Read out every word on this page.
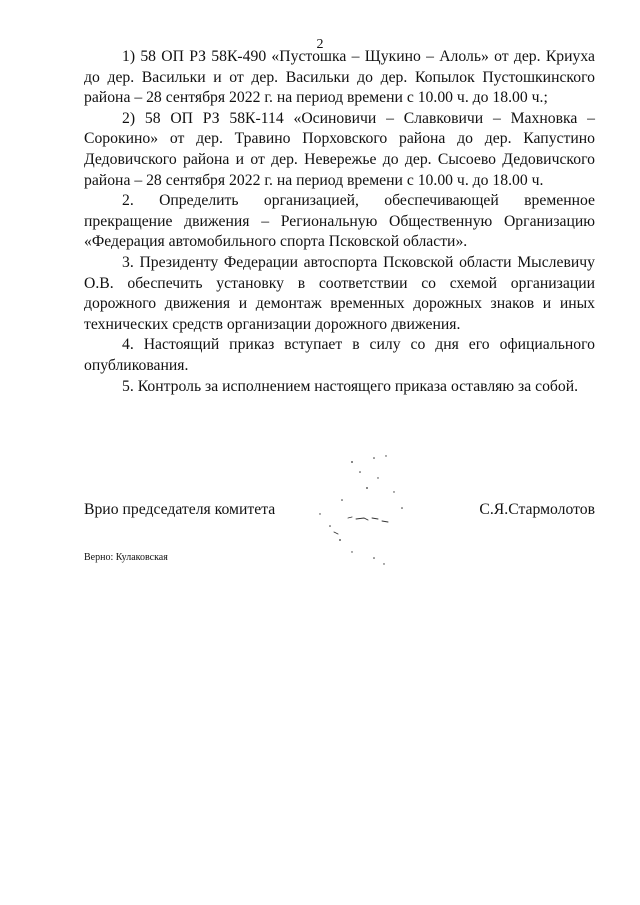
2

1) 58 ОП РЗ 58К-490 «Пустошка – Щукино – Алоль» от дер. Криуха до дер. Васильки и от дер. Васильки до дер. Копылок Пустошкинского района – 28 сентября 2022 г. на период времени с 10.00 ч. до 18.00 ч.;

2) 58 ОП РЗ 58К-114 «Осиновичи – Славковичи – Махновка – Сорокино» от дер. Травино Порховского района до дер. Капустино Дедовичского района и от дер. Невережье до дер. Сысоево Дедовичского района – 28 сентября 2022 г. на период времени с 10.00 ч. до 18.00 ч.

2. Определить организацией, обеспечивающей временное прекращение движения – Региональную Общественную Организацию «Федерация автомобильного спорта Псковской области».

3. Президенту Федерации автоспорта Псковской области Мыслевичу О.В. обеспечить установку в соответствии со схемой организации дорожного движения и демонтаж временных дорожных знаков и иных технических средств организации дорожного движения.

4. Настоящий приказ вступает в силу со дня его официального опубликования.

5. Контроль за исполнением настоящего приказа оставляю за собой.

Врио председателя комитета	С.Я.Стармолотов
Верно: Кулаковская
